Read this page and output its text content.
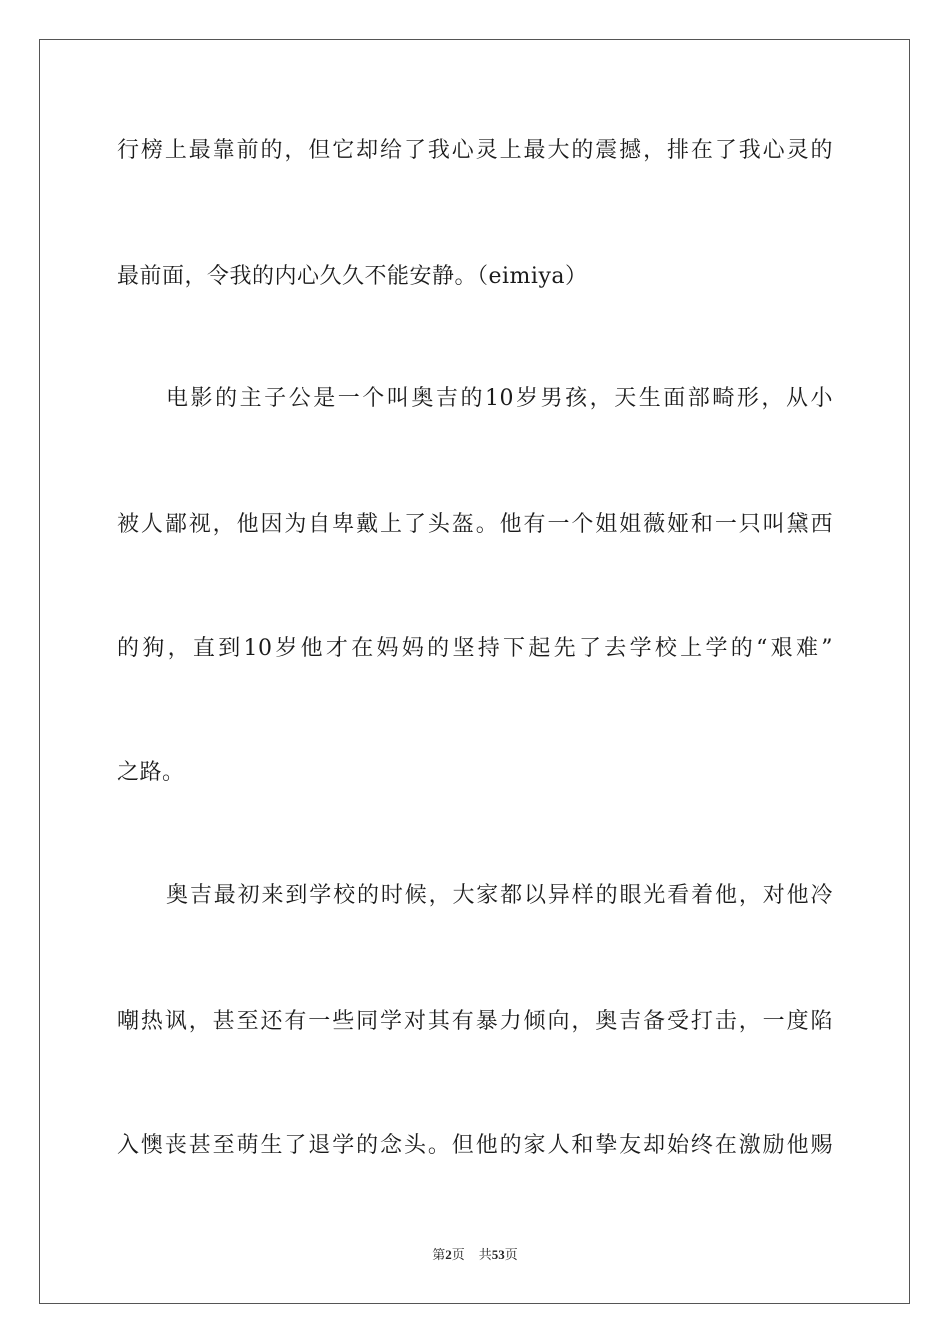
行榜上最靠前的，但它却给了我心灵上最大的震撼，排在了我心灵的
最前面，令我的内心久久不能安静。（eimiya）
电影的主子公是一个叫奥吉的10岁男孩，天生面部畸形，从小
被人鄙视，他因为自卑戴上了头盔。他有一个姐姐薇娅和一只叫黛西
的狗，直到10岁他才在妈妈的坚持下起先了去学校上学的“艰难”
之路。
奥吉最初来到学校的时候，大家都以异样的眼光看着他，对他冷
嘲热讽，甚至还有一些同学对其有暴力倾向，奥吉备受打击，一度陷
入懊丧甚至萌生了退学的念头。但他的家人和挚友却始终在激励他赐
第2页 共53页
